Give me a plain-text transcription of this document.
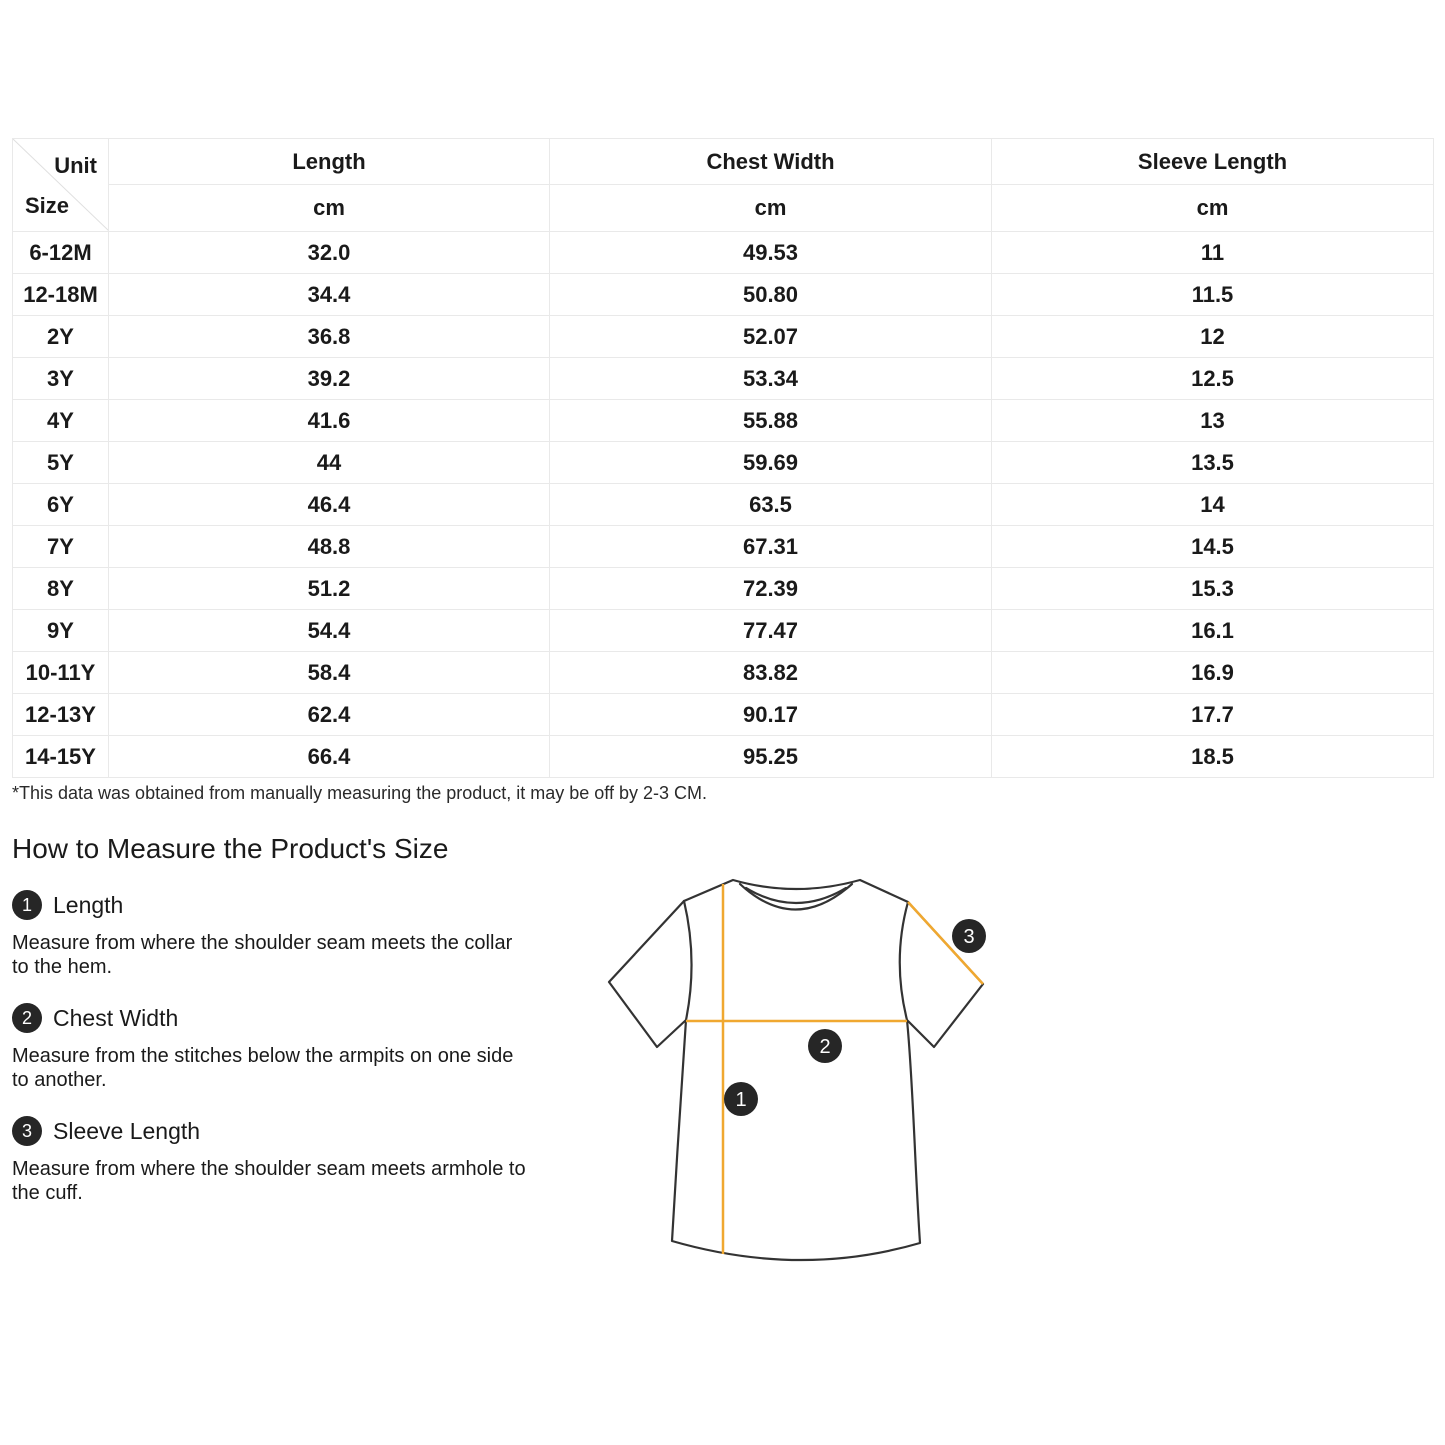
Unit
Size	Length	Chest Width	Sleeve Length
	cm	cm	cm
6-12M	32.0	49.53	11
12-18M	34.4	50.80	11.5
2Y	36.8	52.07	12
3Y	39.2	53.34	12.5
4Y	41.6	55.88	13
5Y	44	59.69	13.5
6Y	46.4	63.5	14
7Y	48.8	67.31	14.5
8Y	51.2	72.39	15.3
9Y	54.4	77.47	16.1
10-11Y	58.4	83.82	16.9
12-13Y	62.4	90.17	17.7
14-15Y	66.4	95.25	18.5
*This data was obtained from manually measuring the product, it may be off by 2-3 CM.
How to Measure the Product's Size
1 Length
Measure from where the shoulder seam meets the collar to the hem.
2 Chest Width
Measure from the stitches below the armpits on one side to another.
3 Sleeve Length
Measure from where the shoulder seam meets armhole to the cuff.
1
2
3
